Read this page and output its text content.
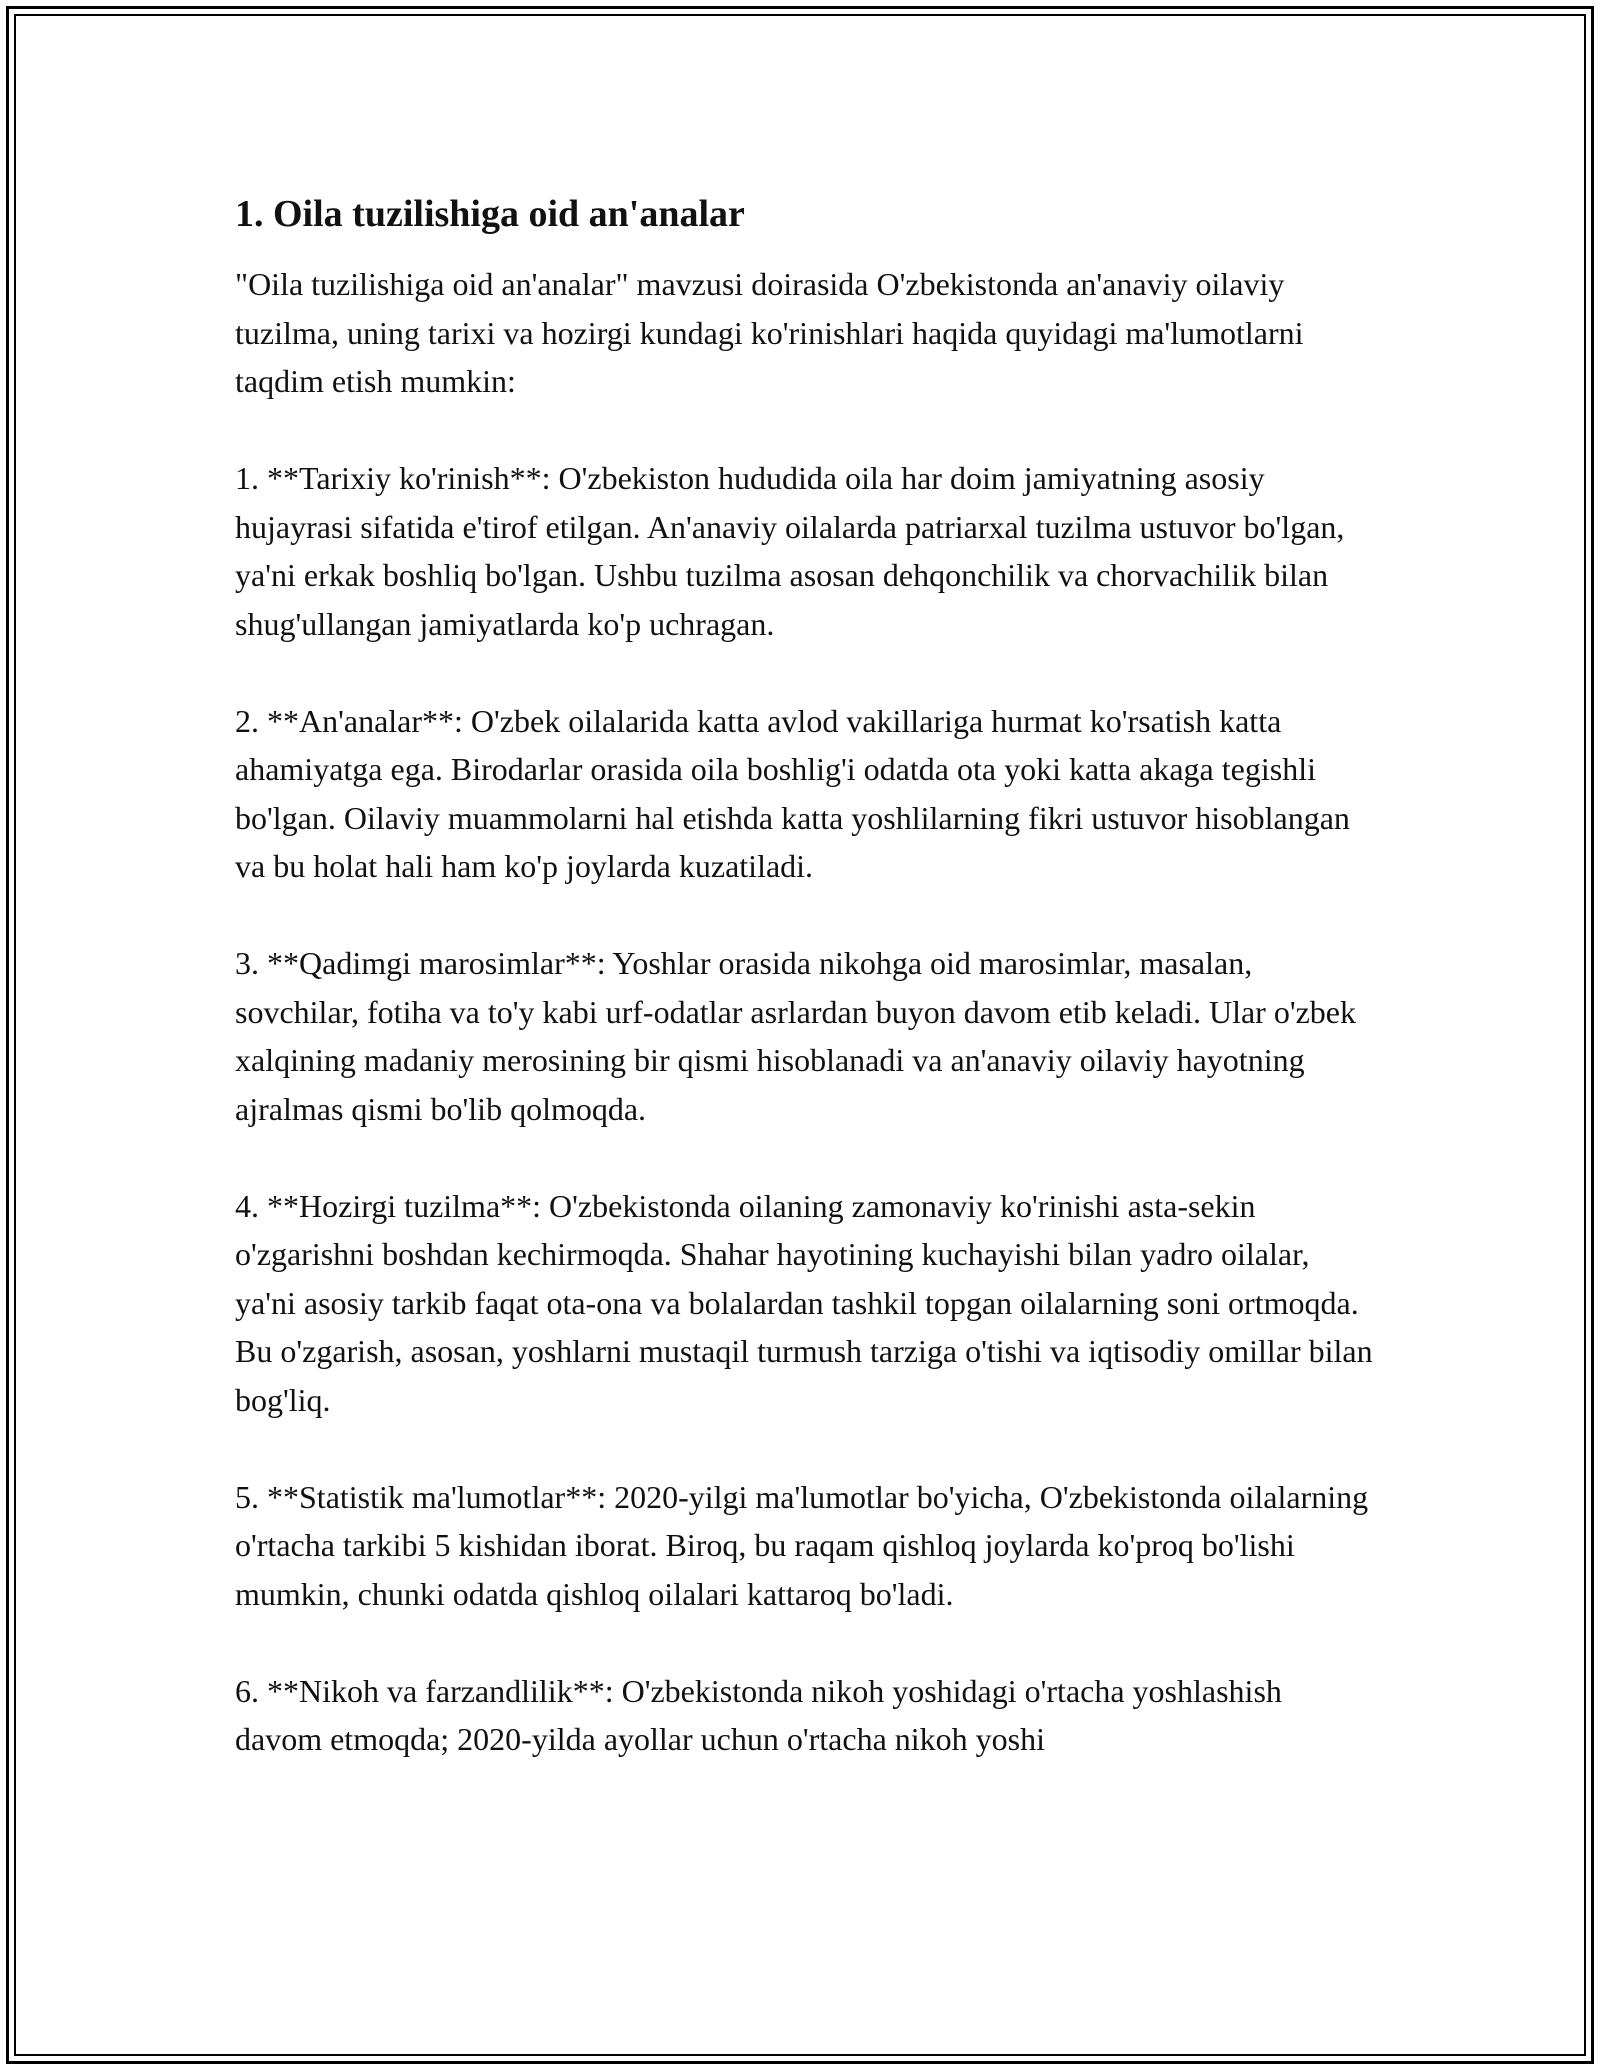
1. Oila tuzilishiga oid an'analar

"Oila tuzilishiga oid an'analar" mavzusi doirasida O'zbekistonda an'anaviy oilaviy tuzilma, uning tarixi va hozirgi kundagi ko'rinishlari haqida quyidagi ma'lumotlarni taqdim etish mumkin:

1. **Tarixiy ko'rinish**: O'zbekiston hududida oila har doim jamiyatning asosiy hujayrasi sifatida e'tirof etilgan. An'anaviy oilalarda patriarxal tuzilma ustuvor bo'lgan, ya'ni erkak boshliq bo'lgan. Ushbu tuzilma asosan dehqonchilik va chorvachilik bilan shug'ullangan jamiyatlarda ko'p uchragan.

2. **An'analar**: O'zbek oilalarida katta avlod vakillariga hurmat ko'rsatish katta ahamiyatga ega. Birodarlar orasida oila boshlig'i odatda ota yoki katta akaga tegishli bo'lgan. Oilaviy muammolarni hal etishda katta yoshlilarning fikri ustuvor hisoblangan va bu holat hali ham ko'p joylarda kuzatiladi.

3. **Qadimgi marosimlar**: Yoshlar orasida nikohga oid marosimlar, masalan, sovchilar, fotiha va to'y kabi urf-odatlar asrlardan buyon davom etib keladi. Ular o'zbek xalqining madaniy merosining bir qismi hisoblanadi va an'anaviy oilaviy hayotning ajralmas qismi bo'lib qolmoqda.

4. **Hozirgi tuzilma**: O'zbekistonda oilaning zamonaviy ko'rinishi asta-sekin o'zgarishni boshdan kechirmoqda. Shahar hayotining kuchayishi bilan yadro oilalar, ya'ni asosiy tarkib faqat ota-ona va bolalardan tashkil topgan oilalarning soni ortmoqda. Bu o'zgarish, asosan, yoshlarni mustaqil turmush tarziga o'tishi va iqtisodiy omillar bilan bog'liq.

5. **Statistik ma'lumotlar**: 2020-yilgi ma'lumotlar bo'yicha, O'zbekistonda oilalarning o'rtacha tarkibi 5 kishidan iborat. Biroq, bu raqam qishloq joylarda ko'proq bo'lishi mumkin, chunki odatda qishloq oilalari kattaroq bo'ladi.

6. **Nikoh va farzandlilik**: O'zbekistonda nikoh yoshidagi o'rtacha yoshlashish davom etmoqda; 2020-yilda ayollar uchun o'rtacha nikoh yoshi
